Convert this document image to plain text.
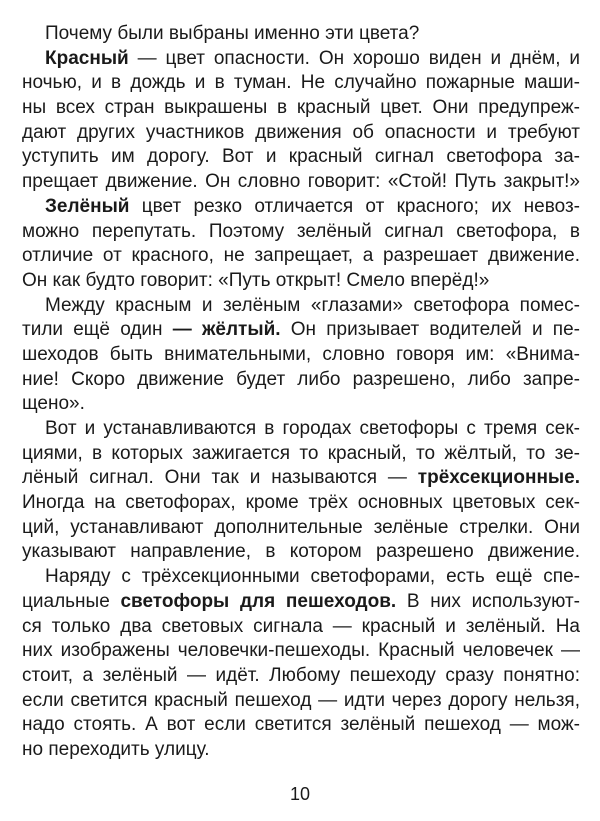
Почему были выбраны именно эти цвета?
Красный — цвет опасности. Он хорошо виден и днём, и
ночью, и в дождь и в туман. Не случайно пожарные маши-
ны всех стран выкрашены в красный цвет. Они предупреж-
дают других участников движения об опасности и требуют
уступить им дорогу. Вот и красный сигнал светофора за-
прещает движение. Он словно говорит: «Стой! Путь закрыт!»
Зелёный цвет резко отличается от красного; их невоз-
можно перепутать. Поэтому зелёный сигнал светофора, в
отличие от красного, не запрещает, а разрешает движение.
Он как будто говорит: «Путь открыт! Смело вперёд!»
Между красным и зелёным «глазами» светофора помес-
тили ещё один — жёлтый. Он призывает водителей и пе-
шеходов быть внимательными, словно говоря им: «Внима-
ние! Скоро движение будет либо разрешено, либо запре-
щено».
Вот и устанавливаются в городах светофоры с тремя сек-
циями, в которых зажигается то красный, то жёлтый, то зе-
лёный сигнал. Они так и называются — трёхсекционные.
Иногда на светофорах, кроме трёх основных цветовых сек-
ций, устанавливают дополнительные зелёные стрелки. Они
указывают направление, в котором разрешено движение.
Наряду с трёхсекционными светофорами, есть ещё спе-
циальные светофоры для пешеходов. В них используют-
ся только два световых сигнала — красный и зелёный. На
них изображены человечки-пешеходы. Красный человечек —
стоит, а зелёный — идёт. Любому пешеходу сразу понятно:
если светится красный пешеход — идти через дорогу нельзя,
надо стоять. А вот если светится зелёный пешеход — мож-
но переходить улицу.
10
